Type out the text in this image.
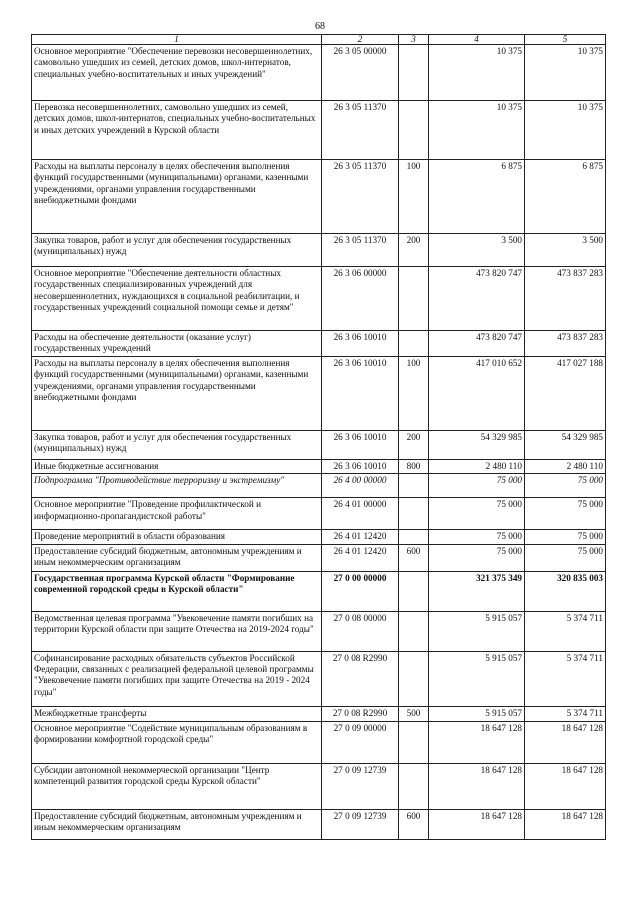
68
1	2	3	4	5
Основное мероприятие "Обеспечение перевозки несовершеннолетних, самовольно ушедших из семей, детских домов, школ-интернатов, специальных учебно-воспитательных и иных учреждений"	26 3 05 00000		10 375	10 375
Перевозка несовершеннолетних, самовольно ушедших из семей, детских домов, школ-интернатов, специальных учебно-воспитательных и иных детских учреждений в Курской области	26 3 05 11370		10 375	10 375
Расходы на выплаты персоналу в целях обеспечения выполнения функций государственными (муниципальными) органами, казенными учреждениями, органами управления государственными внебюджетными фондами	26 3 05 11370	100	6 875	6 875
Закупка товаров, работ и услуг для обеспечения государственных (муниципальных) нужд	26 3 05 11370	200	3 500	3 500
Основное мероприятие "Обеспечение деятельности областных государственных специализированных учреждений для несовершеннолетних, нуждающихся в социальной реабилитации, и государственных учреждений социальной помощи семье и детям"	26 3 06 00000		473 820 747	473 837 283
Расходы на обеспечение деятельности (оказание услуг) государственных учреждений	26 3 06 10010		473 820 747	473 837 283
Расходы на выплаты персоналу в целях обеспечения выполнения функций государственными (муниципальными) органами, казенными учреждениями, органами управления государственными внебюджетными фондами	26 3 06 10010	100	417 010 652	417 027 188
Закупка товаров, работ и услуг для обеспечения государственных (муниципальных) нужд	26 3 06 10010	200	54 329 985	54 329 985
Иные бюджетные ассигнования	26 3 06 10010	800	2 480 110	2 480 110
Подпрограмма "Противодействие терроризму и экстремизму"	26 4 00 00000		75 000	75 000
Основное мероприятие "Проведение профилактической и информационно-пропагандистской работы"	26 4 01 00000		75 000	75 000
Проведение мероприятий в области образования	26 4 01 12420		75 000	75 000
Предоставление субсидий бюджетным, автономным учреждениям и иным некоммерческим организациям	26 4 01 12420	600	75 000	75 000
Государственная программа Курской области "Формирование современной городской среды в Курской области"	27 0 00 00000		321 375 349	320 835 003
Ведомственная целевая программа "Увековечение памяти погибших на территории Курской области при защите Отечества на 2019-2024 годы"	27 0 08 00000		5 915 057	5 374 711
Софинансирование расходных обязательств субъектов Российской Федерации, связанных с реализацией федеральной целевой программы "Увековечение памяти погибших при защите Отечества на 2019 - 2024 годы"	27 0 08 R2990		5 915 057	5 374 711
Межбюджетные трансферты	27 0 08 R2990	500	5 915 057	5 374 711
Основное мероприятие "Содействие муниципальным образованиям в формировании комфортной городской среды"	27 0 09 00000		18 647 128	18 647 128
Субсидии автономной некоммерческой организации "Центр компетенций развития городской среды Курской области"	27 0 09 12739		18 647 128	18 647 128
Предоставление субсидий бюджетным, автономным учреждениям и иным некоммерческим организациям	27 0 09 12739	600	18 647 128	18 647 128
